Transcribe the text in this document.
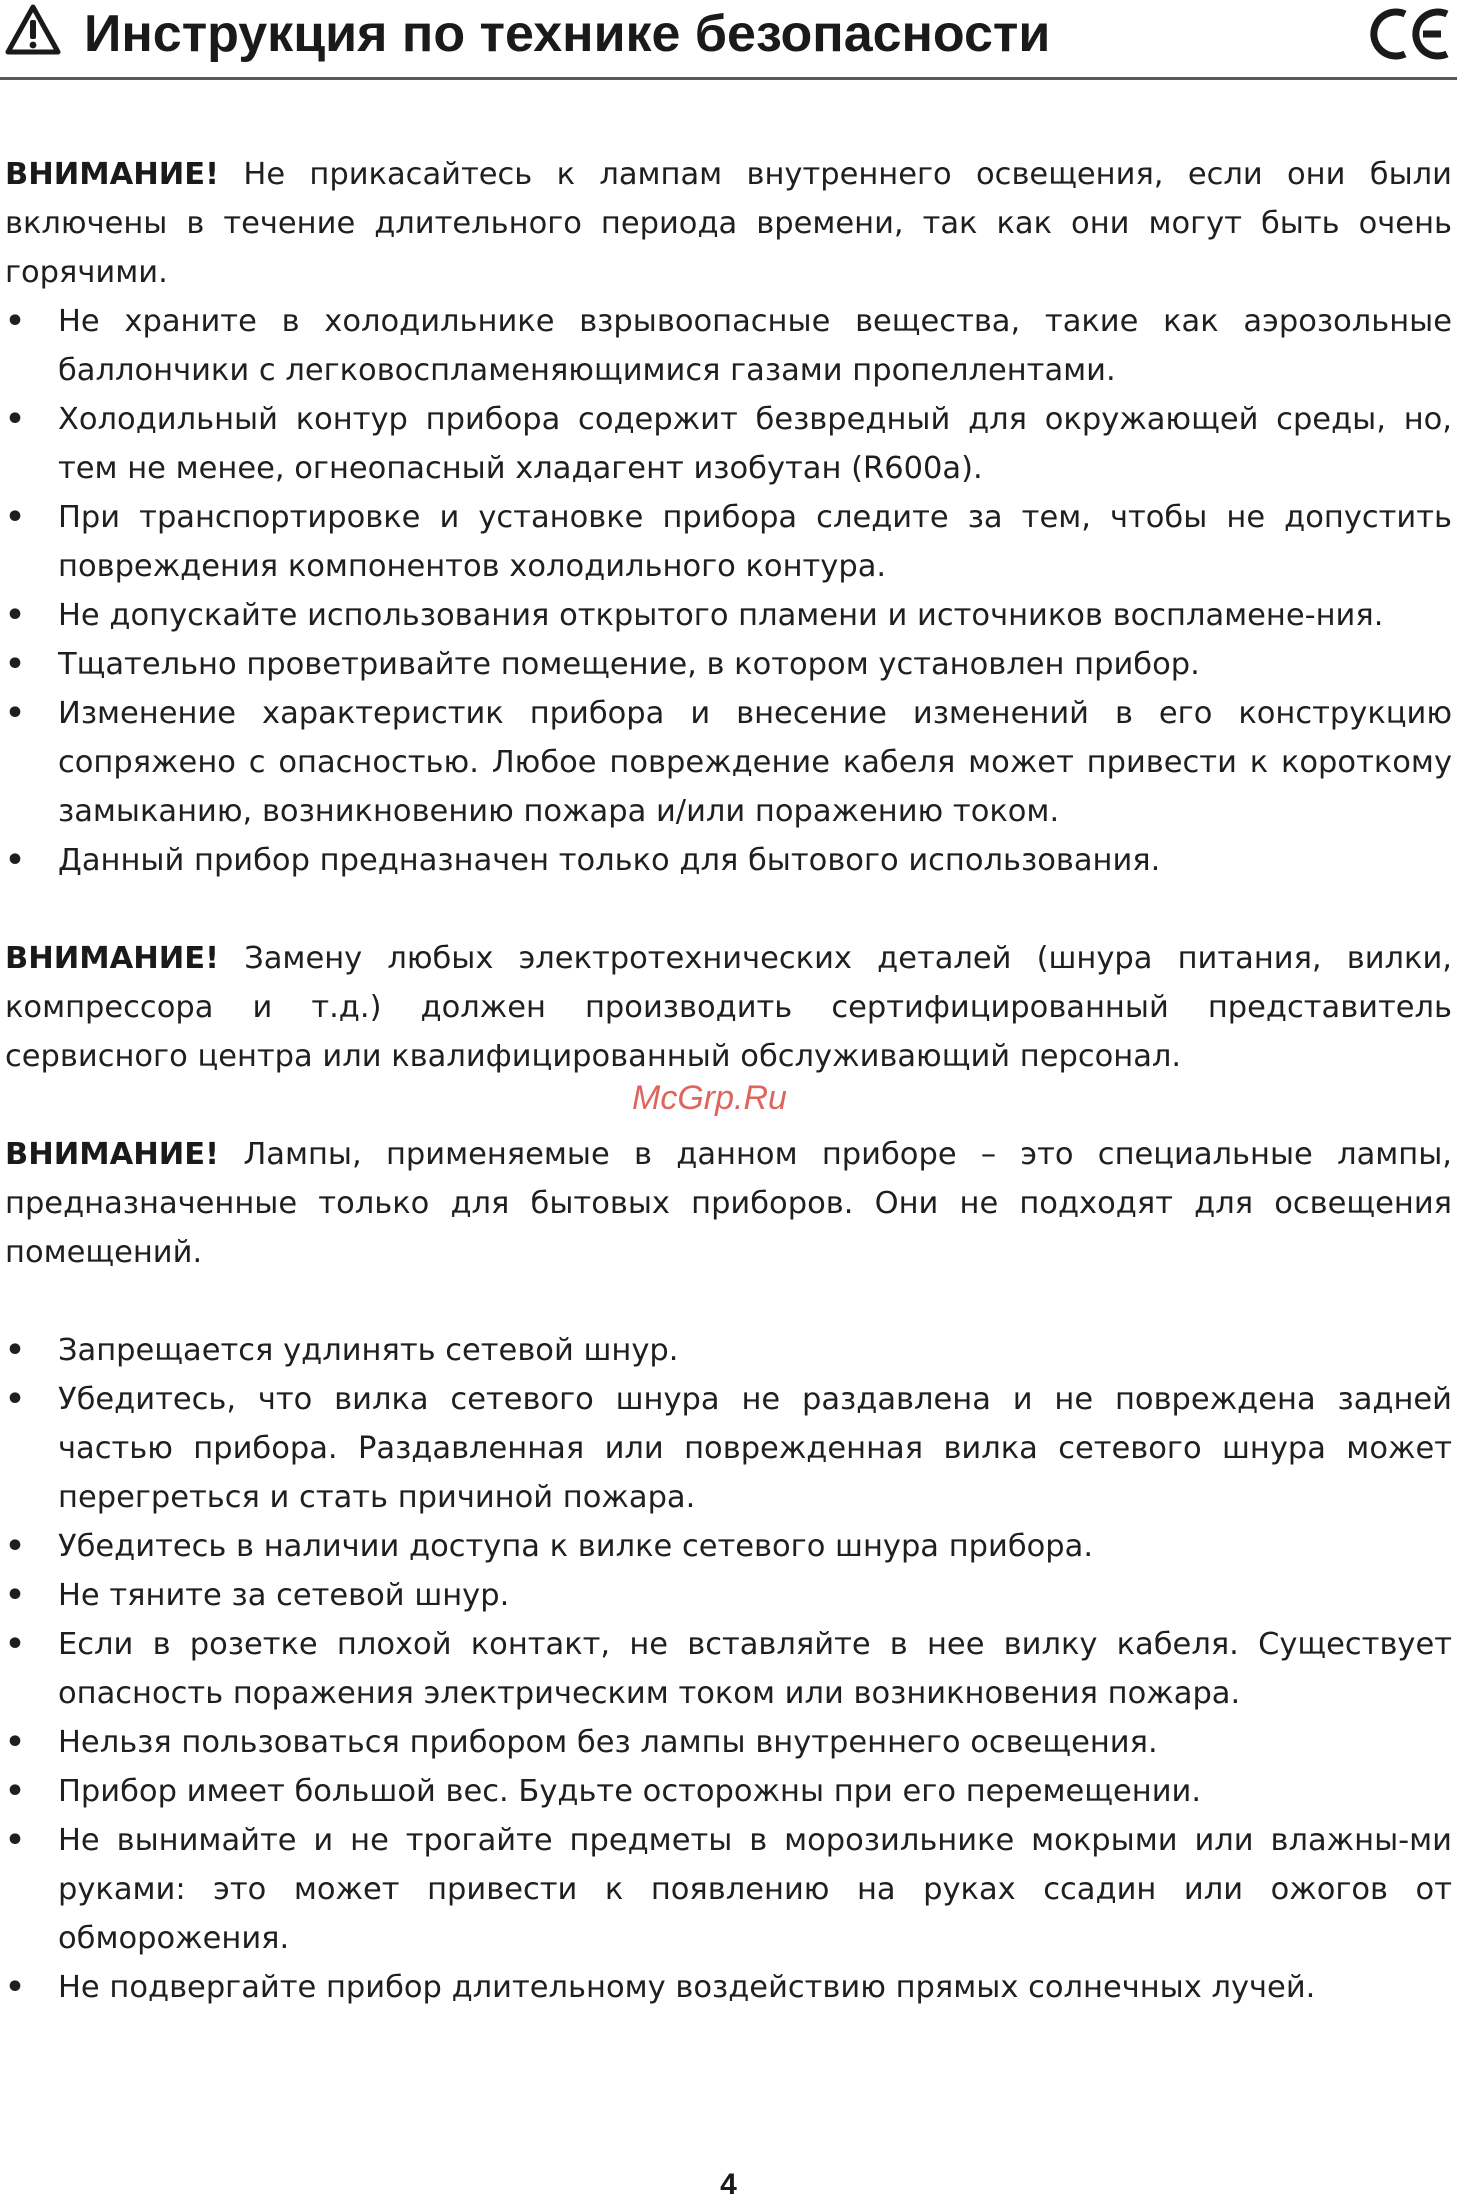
Инструкция по технике безопасности

ВНИМАНИЕ! Не прикасайтесь к лампам внутреннего освещения, если они были включены в течение длительного периода времени, так как они могут быть очень горячими.

• Не храните в холодильнике взрывоопасные вещества, такие как аэрозольные баллончики с легковоспламеняющимися газами пропеллентами.
• Холодильный контур прибора содержит безвредный для окружающей среды, но, тем не менее, огнеопасный хладагент изобутан (R600a).
• При транспортировке и установке прибора следите за тем, чтобы не допустить повреждения компонентов холодильного контура.
• Не допускайте использования открытого пламени и источников воспламене-ния.
• Тщательно проветривайте помещение, в котором установлен прибор.
• Изменение характеристик прибора и внесение изменений в его конструкцию сопряжено с опасностью. Любое повреждение кабеля может привести к короткому замыканию, возникновению пожара и/или поражению током.
• Данный прибор предназначен только для бытового использования.

ВНИМАНИЕ! Замену любых электротехнических деталей (шнура питания, вилки, компрессора и т.д.) должен производить сертифицированный представитель сервисного центра или квалифицированный обслуживающий персонал.

ВНИМАНИЕ! Лампы, применяемые в данном приборе – это специальные лампы, предназначенные только для бытовых приборов. Они не подходят для освещения помещений.

• Запрещается удлинять сетевой шнур.
• Убедитесь, что вилка сетевого шнура не раздавлена и не повреждена задней частью прибора. Раздавленная или поврежденная вилка сетевого шнура может перегреться и стать причиной пожара.
• Убедитесь в наличии доступа к вилке сетевого шнура прибора.
• Не тяните за сетевой шнур.
• Если в розетке плохой контакт, не вставляйте в нее вилку кабеля. Существует опасность поражения электрическим током или возникновения пожара.
• Нельзя пользоваться прибором без лампы внутреннего освещения.
• Прибор имеет большой вес. Будьте осторожны при его перемещении.
• Не вынимайте и не трогайте предметы в морозильнике мокрыми или влажны-ми руками: это может привести к появлению на руках ссадин или ожогов от обморожения.
• Не подвергайте прибор длительному воздействию прямых солнечных лучей.
McGrp.Ru
4
